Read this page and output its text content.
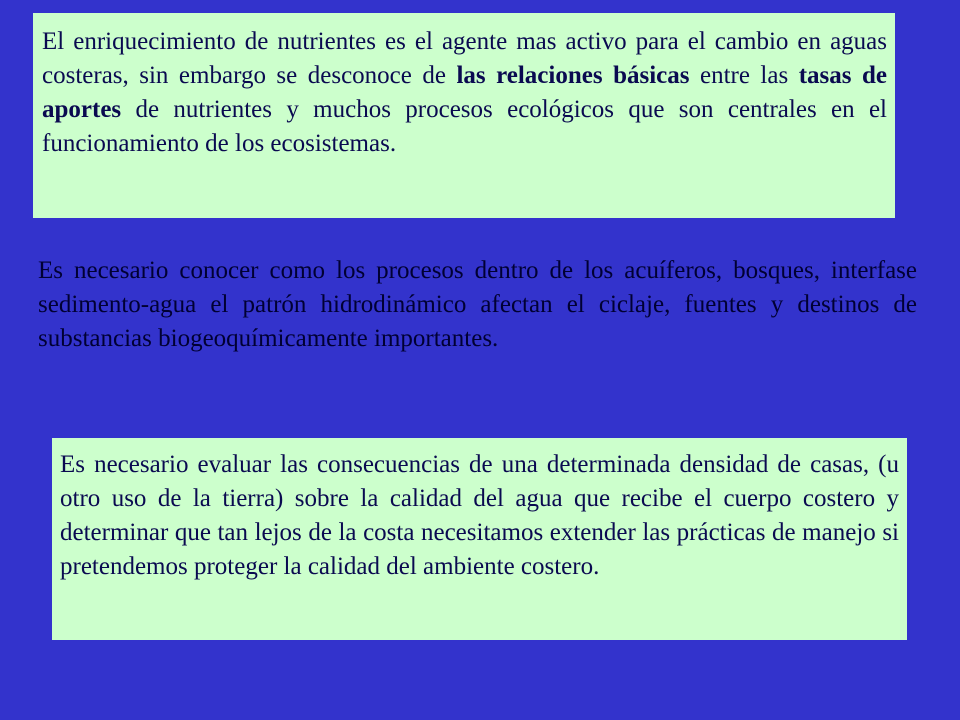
El enriquecimiento de nutrientes es el agente mas activo para el cambio en aguas costeras, sin embargo se desconoce de las relaciones básicas entre las tasas de aportes de nutrientes y muchos procesos ecológicos que son centrales en el funcionamiento de los ecosistemas.
Es necesario conocer como los procesos dentro de los acuíferos, bosques, interfase sedimento-agua el patrón hidrodinámico afectan el ciclaje, fuentes y destinos de substancias biogeoquímicamente importantes.
Es necesario evaluar las consecuencias de una determinada densidad de casas, (u otro uso de la tierra) sobre la calidad del agua que recibe el cuerpo costero y determinar que tan lejos de la costa necesitamos extender las prácticas de manejo si pretendemos proteger la calidad del ambiente costero.
